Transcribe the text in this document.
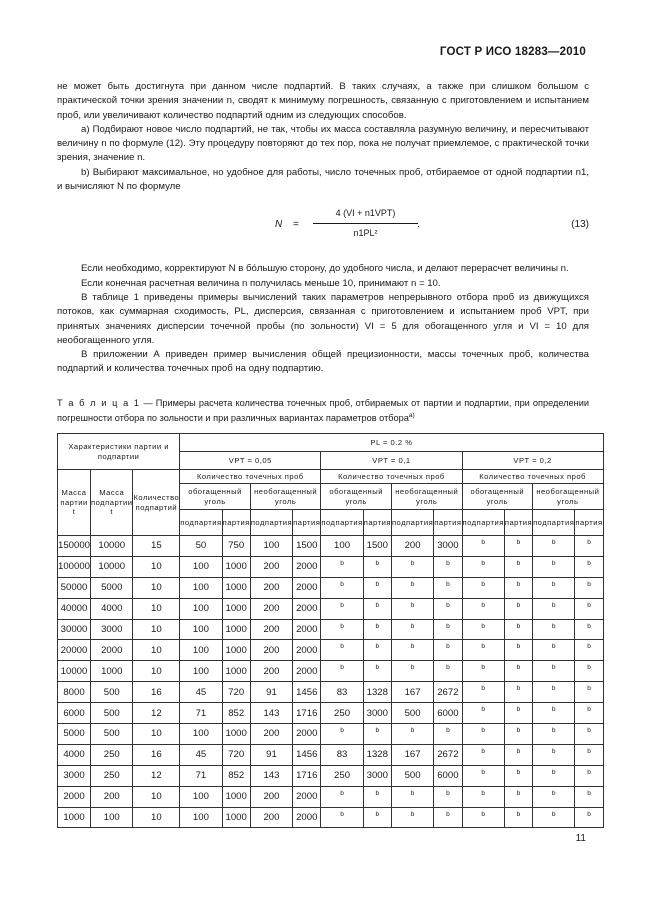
ГОСТ Р ИСО 18283—2010

не может быть достигнута при данном числе подпартий. В таких случаях, а также при слишком большом с практической точки зрения значении n, сводят к минимуму погрешность, связанную с приготовлением и испытанием проб, или увеличивают количество подпартий одним из следующих способов.

а) Подбирают новое число подпартий, не так, чтобы их масса составляла разумную величину, и пересчитывают величину n по формуле (12). Эту процедуру повторяют до тех пор, пока не получат приемлемое, с практической точки зрения, значение n.

b) Выбирают максимальное, но удобное для работы, число точечных проб, отбираемое от одной подпартии n1, и вычисляют N по формуле

N =
4 (VI + n1VPT)
n1PL²
.	(13)

Если необходимо, корректируют N в бо́льшую сторону, до удобного числа, и делают перерасчет величины n.

Если конечная расчетная величина n получилась меньше 10, принимают n = 10.

В таблице 1 приведены примеры вычислений таких параметров непрерывного отбора проб из движущихся потоков, как суммарная сходимость, PL, дисперсия, связанная с приготовлением и испытанием проб VPT, при принятых значениях дисперсии точечной пробы (по зольности) VI = 5 для обогащенного угля и VI = 10 для необогащенного угля.

В приложении А приведен пример вычисления общей прецизионности, массы точечных проб, количества подпартий и количества точечных проб на одну подпартию.

Т а б л и ц а 1 — Примеры расчета количества точечных проб, отбираемых от партии и подпартии, при определении погрешности отбора по зольности и при различных вариантах параметров отбора$^{a)}$
Характеристики партии и подпартии			PL = 0.2 %											
			VPT = 0,05				VPT = 0,1				VPT = 0,2			
Масса партии t	Масса подпартии t	Количество подпартий	Количество точечных проб				Количество точечных проб				Количество точечных проб			
			обогащенный уголь		необогащенный уголь		обогащенный уголь		необогащенный уголь		обогащенный уголь		необогащенный уголь	
			подпартия	партия	подпартия	партия	подпартия	партия	подпартия	партия	подпартия	партия	подпартия	партия
150000	10000	15	50	750	100	1500	100	1500	200	3000	b	b	b	b
100000	10000	10	100	1000	200	2000	b	b	b	b	b	b	b	b
50000	5000	10	100	1000	200	2000	b	b	b	b	b	b	b	b
40000	4000	10	100	1000	200	2000	b	b	b	b	b	b	b	b
30000	3000	10	100	1000	200	2000	b	b	b	b	b	b	b	b
20000	2000	10	100	1000	200	2000	b	b	b	b	b	b	b	b
10000	1000	10	100	1000	200	2000	b	b	b	b	b	b	b	b
8000	500	16	45	720	91	1456	83	1328	167	2672	b	b	b	b
6000	500	12	71	852	143	1716	250	3000	500	6000	b	b	b	b
5000	500	10	100	1000	200	2000	b	b	b	b	b	b	b	b
4000	250	16	45	720	91	1456	83	1328	167	2672	b	b	b	b
3000	250	12	71	852	143	1716	250	3000	500	6000	b	b	b	b
2000	200	10	100	1000	200	2000	b	b	b	b	b	b	b	b
1000	100	10	100	1000	200	2000	b	b	b	b	b	b	b	b
11
